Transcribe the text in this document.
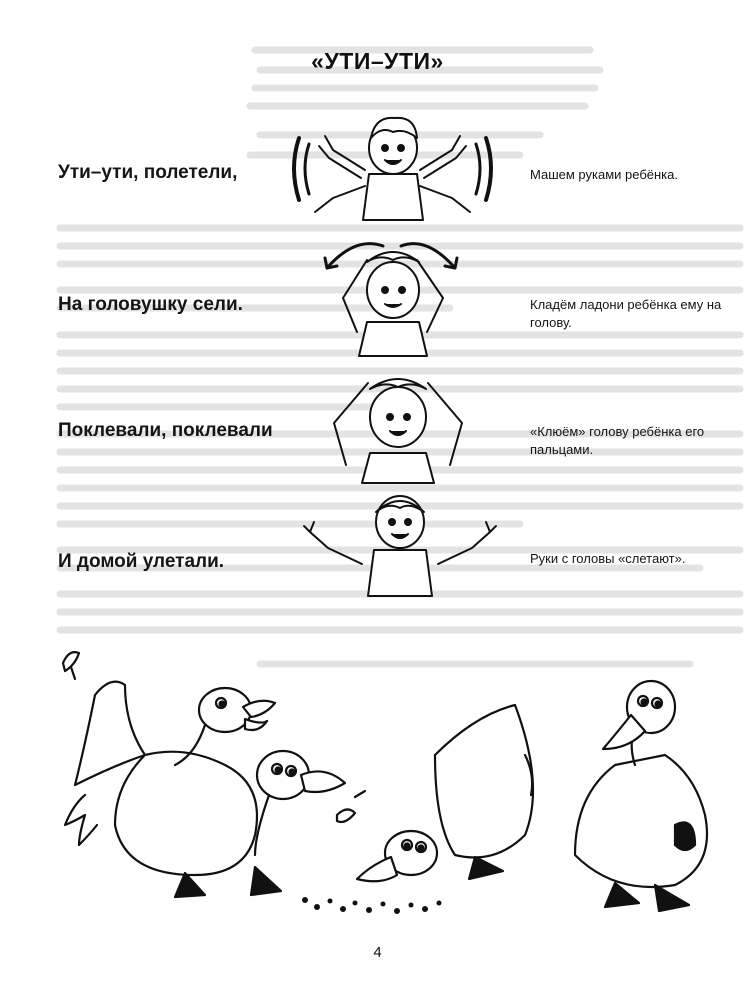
«УТИ–УТИ»
Ути–ути, полетели,	Машем руками ребёнка.
На головушку сели.	Кладём ладони ребёнка ему на голову.
Поклевали, поклевали	«Клюём» голову ребёнка его пальцами.
И домой улетали.	Руки с головы «слетают».
4
